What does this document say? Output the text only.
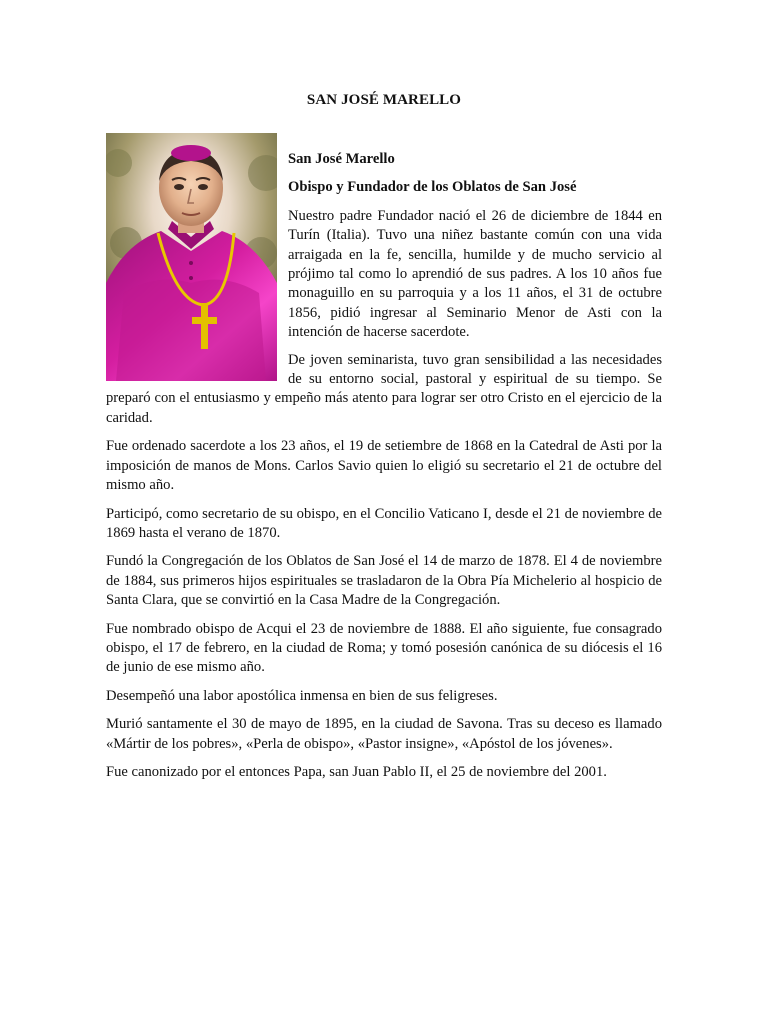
SAN JOSÉ MARELLO

San José Marello

Obispo y Fundador de los Oblatos de San José

Nuestro padre Fundador nació el 26 de diciembre de 1844 en Turín (Italia). Tuvo una niñez bastante común con una vida arraigada en la fe, sencilla, humilde y de mucho servicio al prójimo tal como lo aprendió de sus padres. A los 10 años fue monaguillo en su parroquia y a los 11 años, el 31 de octubre 1856, pidió ingresar al Seminario Menor de Asti con la intención de hacerse sacerdote.

De joven seminarista, tuvo gran sensibilidad a las necesidades de su entorno social, pastoral y espiritual de su tiempo. Se preparó con el entusiasmo y empeño más atento para lograr ser otro Cristo en el ejercicio de la caridad.

Fue ordenado sacerdote a los 23 años, el 19 de setiembre de 1868 en la Catedral de Asti por la imposición de manos de Mons. Carlos Savio quien lo eligió su secretario el 21 de octubre del mismo año.

Participó, como secretario de su obispo, en el Concilio Vaticano I, desde el 21 de noviembre de 1869 hasta el verano de 1870.

Fundó la Congregación de los Oblatos de San José el 14 de marzo de 1878. El 4 de noviembre de 1884, sus primeros hijos espirituales se trasladaron de la Obra Pía Michelerio al hospicio de Santa Clara, que se convirtió en la Casa Madre de la Congregación.

Fue nombrado obispo de Acqui el 23 de noviembre de 1888. El año siguiente, fue consagrado obispo, el 17 de febrero, en la ciudad de Roma; y tomó posesión canónica de su diócesis el 16 de junio de ese mismo año.

Desempeñó una labor apostólica inmensa en bien de sus feligreses.

Murió santamente el 30 de mayo de 1895, en la ciudad de Savona. Tras su deceso es llamado «Mártir de los pobres», «Perla de obispo», «Pastor insigne», «Apóstol de los jóvenes».

Fue canonizado por el entonces Papa, san Juan Pablo II, el 25 de noviembre del 2001.
